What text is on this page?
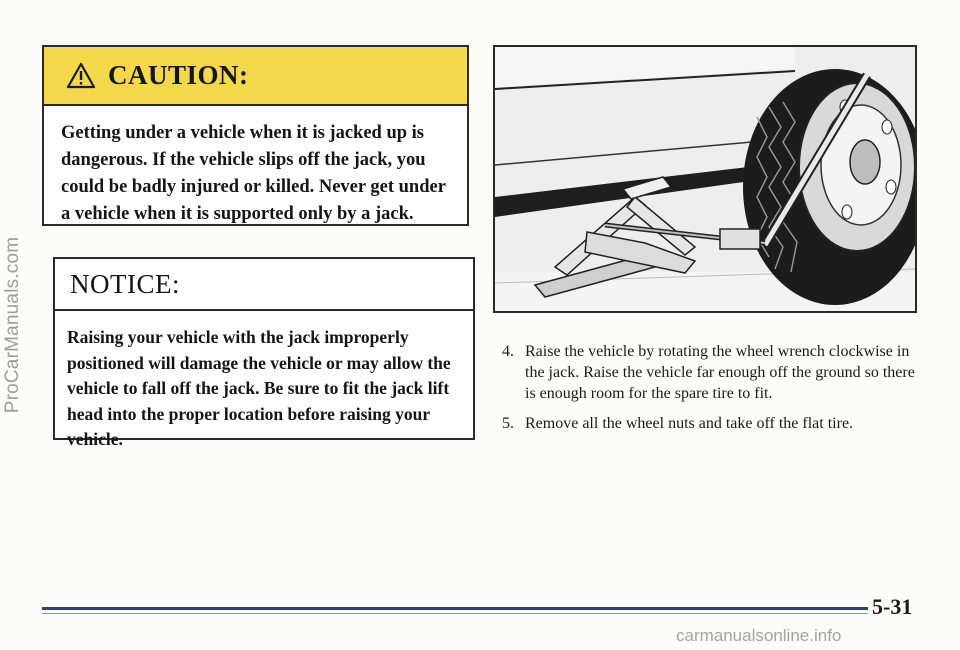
ProCarManuals.com
CAUTION:
Getting under a vehicle when it is jacked up is dangerous. If the vehicle slips off the jack, you could be badly injured or killed. Never get under a vehicle when it is supported only by a jack.
NOTICE:
Raising your vehicle with the jack improperly positioned will damage the vehicle or may allow the vehicle to fall off the jack. Be sure to fit the jack lift head into the proper location before raising your vehicle.
4. Raise the vehicle by rotating the wheel wrench clockwise in the jack. Raise the vehicle far enough off the ground so there is enough room for the spare tire to fit.
5. Remove all the wheel nuts and take off the flat tire.
5-31
carmanualsonline.info
